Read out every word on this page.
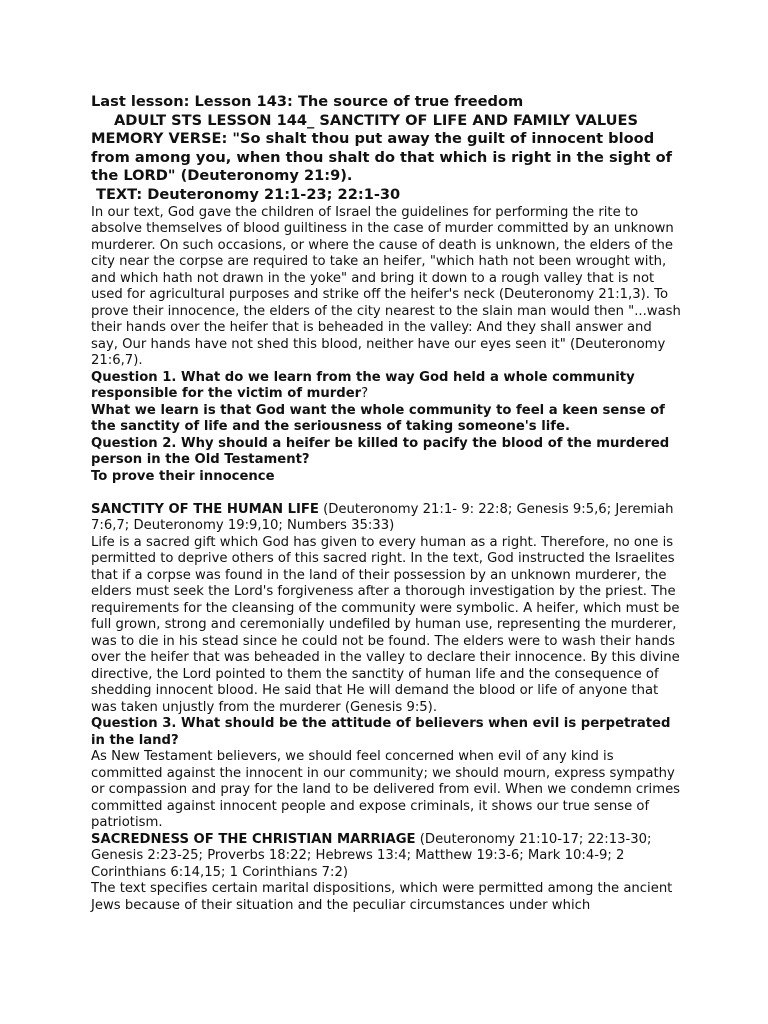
Last lesson: Lesson 143: The source of true freedom

ADULT STS LESSON 144_ SANCTITY OF LIFE AND FAMILY VALUES

MEMORY VERSE: "So shalt thou put away the guilt of innocent blood from among you, when thou shalt do that which is right in the sight of the LORD" (Deuteronomy 21:9).

TEXT: Deuteronomy 21:1-23; 22:1-30

In our text, God gave the children of Israel the guidelines for performing the rite to absolve themselves of blood guiltiness in the case of murder committed by an unknown murderer. On such occasions, or where the cause of death is unknown, the elders of the city near the corpse are required to take an heifer, "which hath not been wrought with, and which hath not drawn in the yoke" and bring it down to a rough valley that is not used for agricultural purposes and strike off the heifer's neck (Deuteronomy 21:1,3). To prove their innocence, the elders of the city nearest to the slain man would then "...wash their hands over the heifer that is beheaded in the valley: And they shall answer and say, Our hands have not shed this blood, neither have our eyes seen it" (Deuteronomy 21:6,7).

Question 1. What do we learn from the way God held a whole community responsible for the victim of murder?

What we learn is that God want the whole community to feel a keen sense of the sanctity of life and the seriousness of taking someone's life.

Question 2. Why should a heifer be killed to pacify the blood of the murdered person in the Old Testament?

To prove their innocence

SANCTITY OF THE HUMAN LIFE (Deuteronomy 21:1- 9: 22:8; Genesis 9:5,6; Jeremiah 7:6,7; Deuteronomy 19:9,10; Numbers 35:33)

Life is a sacred gift which God has given to every human as a right. Therefore, no one is permitted to deprive others of this sacred right. In the text, God instructed the Israelites that if a corpse was found in the land of their possession by an unknown murderer, the elders must seek the Lord's forgiveness after a thorough investigation by the priest. The requirements for the cleansing of the community were symbolic. A heifer, which must be full grown, strong and ceremonially undefiled by human use, representing the murderer, was to die in his stead since he could not be found. The elders were to wash their hands over the heifer that was beheaded in the valley to declare their innocence. By this divine directive, the Lord pointed to them the sanctity of human life and the consequence of shedding innocent blood. He said that He will demand the blood or life of anyone that was taken unjustly from the murderer (Genesis 9:5).

Question 3. What should be the attitude of believers when evil is perpetrated in the land?

As New Testament believers, we should feel concerned when evil of any kind is committed against the innocent in our community; we should mourn, express sympathy or compassion and pray for the land to be delivered from evil. When we condemn crimes committed against innocent people and expose criminals, it shows our true sense of patriotism.

SACREDNESS OF THE CHRISTIAN MARRIAGE (Deuteronomy 21:10-17; 22:13-30; Genesis 2:23-25; Proverbs 18:22; Hebrews 13:4; Matthew 19:3-6; Mark 10:4-9; 2 Corinthians 6:14,15; 1 Corinthians 7:2)

The text specifies certain marital dispositions, which were permitted among the ancient Jews because of their situation and the peculiar circumstances under which
